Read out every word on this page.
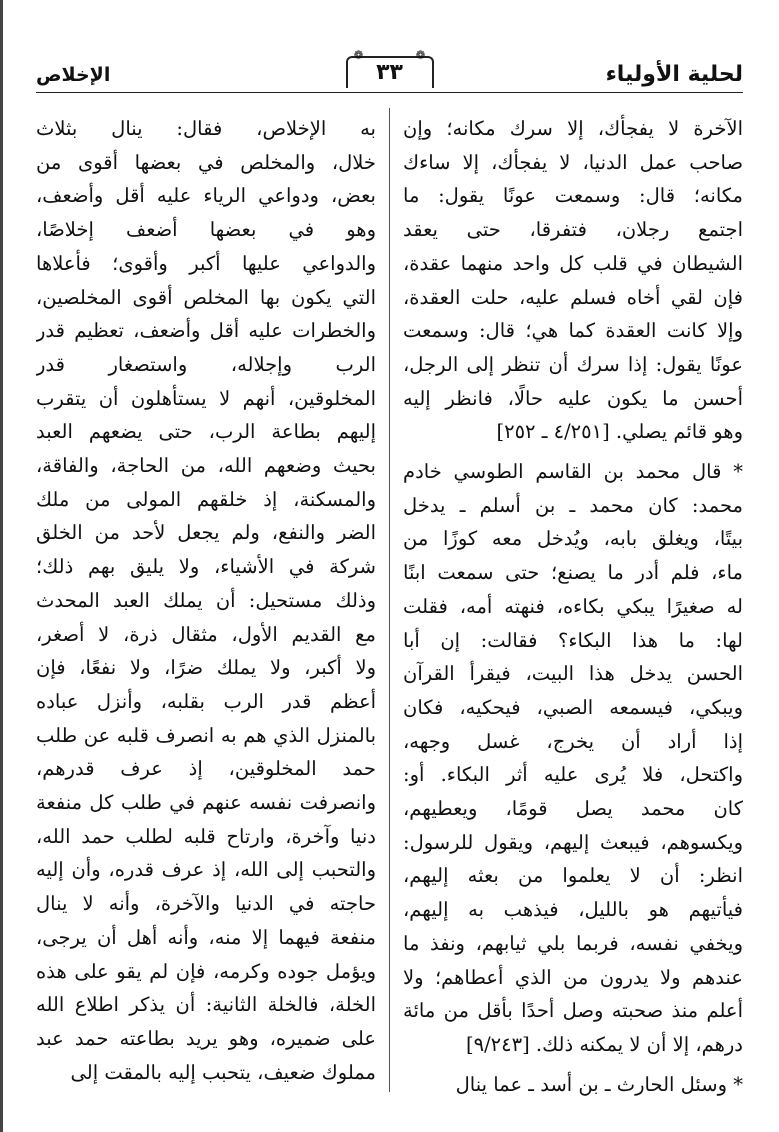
لحلية الأولياء
❁
٣٣
❁
الإخلاص
الآخرة لا يفجأك، إلا سرك مكانه؛ وإن
صاحب عمل الدنيا، لا يفجأك، إلا ساءك
مكانه؛ قال: وسمعت عونًا يقول: ما
اجتمع رجلان، فتفرقا، حتى يعقد
الشيطان في قلب كل واحد منهما عقدة،
فإن لقي أخاه فسلم عليه، حلت العقدة،
وإلا كانت العقدة كما هي؛ قال: وسمعت
عونًا يقول: إذا سرك أن تنظر إلى الرجل،
أحسن ما يكون عليه حالًا، فانظر إليه
وهو قائم يصلي. [٤/٢٥١ ـ ٢٥٢]
* قال محمد بن القاسم الطوسي خادم
محمد: كان محمد ـ بن أسلم ـ يدخل
بيتًا، ويغلق بابه، ويُدخل معه كوزًا من
ماء، فلم أدر ما يصنع؛ حتى سمعت ابنًا
له صغيرًا يبكي بكاءه، فنهته أمه، فقلت
لها: ما هذا البكاء؟ فقالت: إن أبا
الحسن يدخل هذا البيت، فيقرأ القرآن
ويبكي، فيسمعه الصبي، فيحكيه، فكان
إذا أراد أن يخرج، غسل وجهه،
واكتحل، فلا يُرى عليه أثر البكاء. أو:
كان محمد يصل قومًا، ويعطيهم،
ويكسوهم، فيبعث إليهم، ويقول للرسول:
انظر: أن لا يعلموا من بعثه إليهم،
فيأتيهم هو بالليل، فيذهب به إليهم،
ويخفي نفسه، فربما بلي ثيابهم، ونفذ ما
عندهم ولا يدرون من الذي أعطاهم؛ ولا
أعلم منذ صحبته وصل أحدًا بأقل من مائة
درهم، إلا أن لا يمكنه ذلك. [٩/٢٤٣]
* وسئل الحارث ـ بن أسد ـ عما ينال
به الإخلاص، فقال: ينال بثلاث
خلال، والمخلص في بعضها أقوى من
بعض، ودواعي الرياء عليه أقل وأضعف،
وهو في بعضها أضعف إخلاصًا،
والدواعي عليها أكبر وأقوى؛ فأعلاها
التي يكون بها المخلص أقوى المخلصين،
والخطرات عليه أقل وأضعف، تعظيم قدر
الرب وإجلاله، واستصغار قدر
المخلوقين، أنهم لا يستأهلون أن يتقرب
إليهم بطاعة الرب، حتى يضعهم العبد
بحيث وضعهم الله، من الحاجة، والفاقة،
والمسكنة، إذ خلقهم المولى من ملك
الضر والنفع، ولم يجعل لأحد من الخلق
شركة في الأشياء، ولا يليق بهم ذلك؛
وذلك مستحيل: أن يملك العبد المحدث
مع القديم الأول، مثقال ذرة، لا أصغر،
ولا أكبر، ولا يملك ضرًا، ولا نفعًا، فإن
أعظم قدر الرب بقلبه، وأنزل عباده
بالمنزل الذي هم به انصرف قلبه عن طلب
حمد المخلوقين، إذ عرف قدرهم،
وانصرفت نفسه عنهم في طلب كل منفعة
دنيا وآخرة، وارتاح قلبه لطلب حمد الله،
والتحبب إلى الله، إذ عرف قدره، وأن إليه
حاجته في الدنيا والآخرة، وأنه لا ينال
منفعة فيهما إلا منه، وأنه أهل أن يرجى،
ويؤمل جوده وكرمه، فإن لم يقو على هذه
الخلة، فالخلة الثانية: أن يذكر اطلاع الله
على ضميره، وهو يريد بطاعته حمد عبد
مملوك ضعيف، يتحبب إليه بالمقت إلى
